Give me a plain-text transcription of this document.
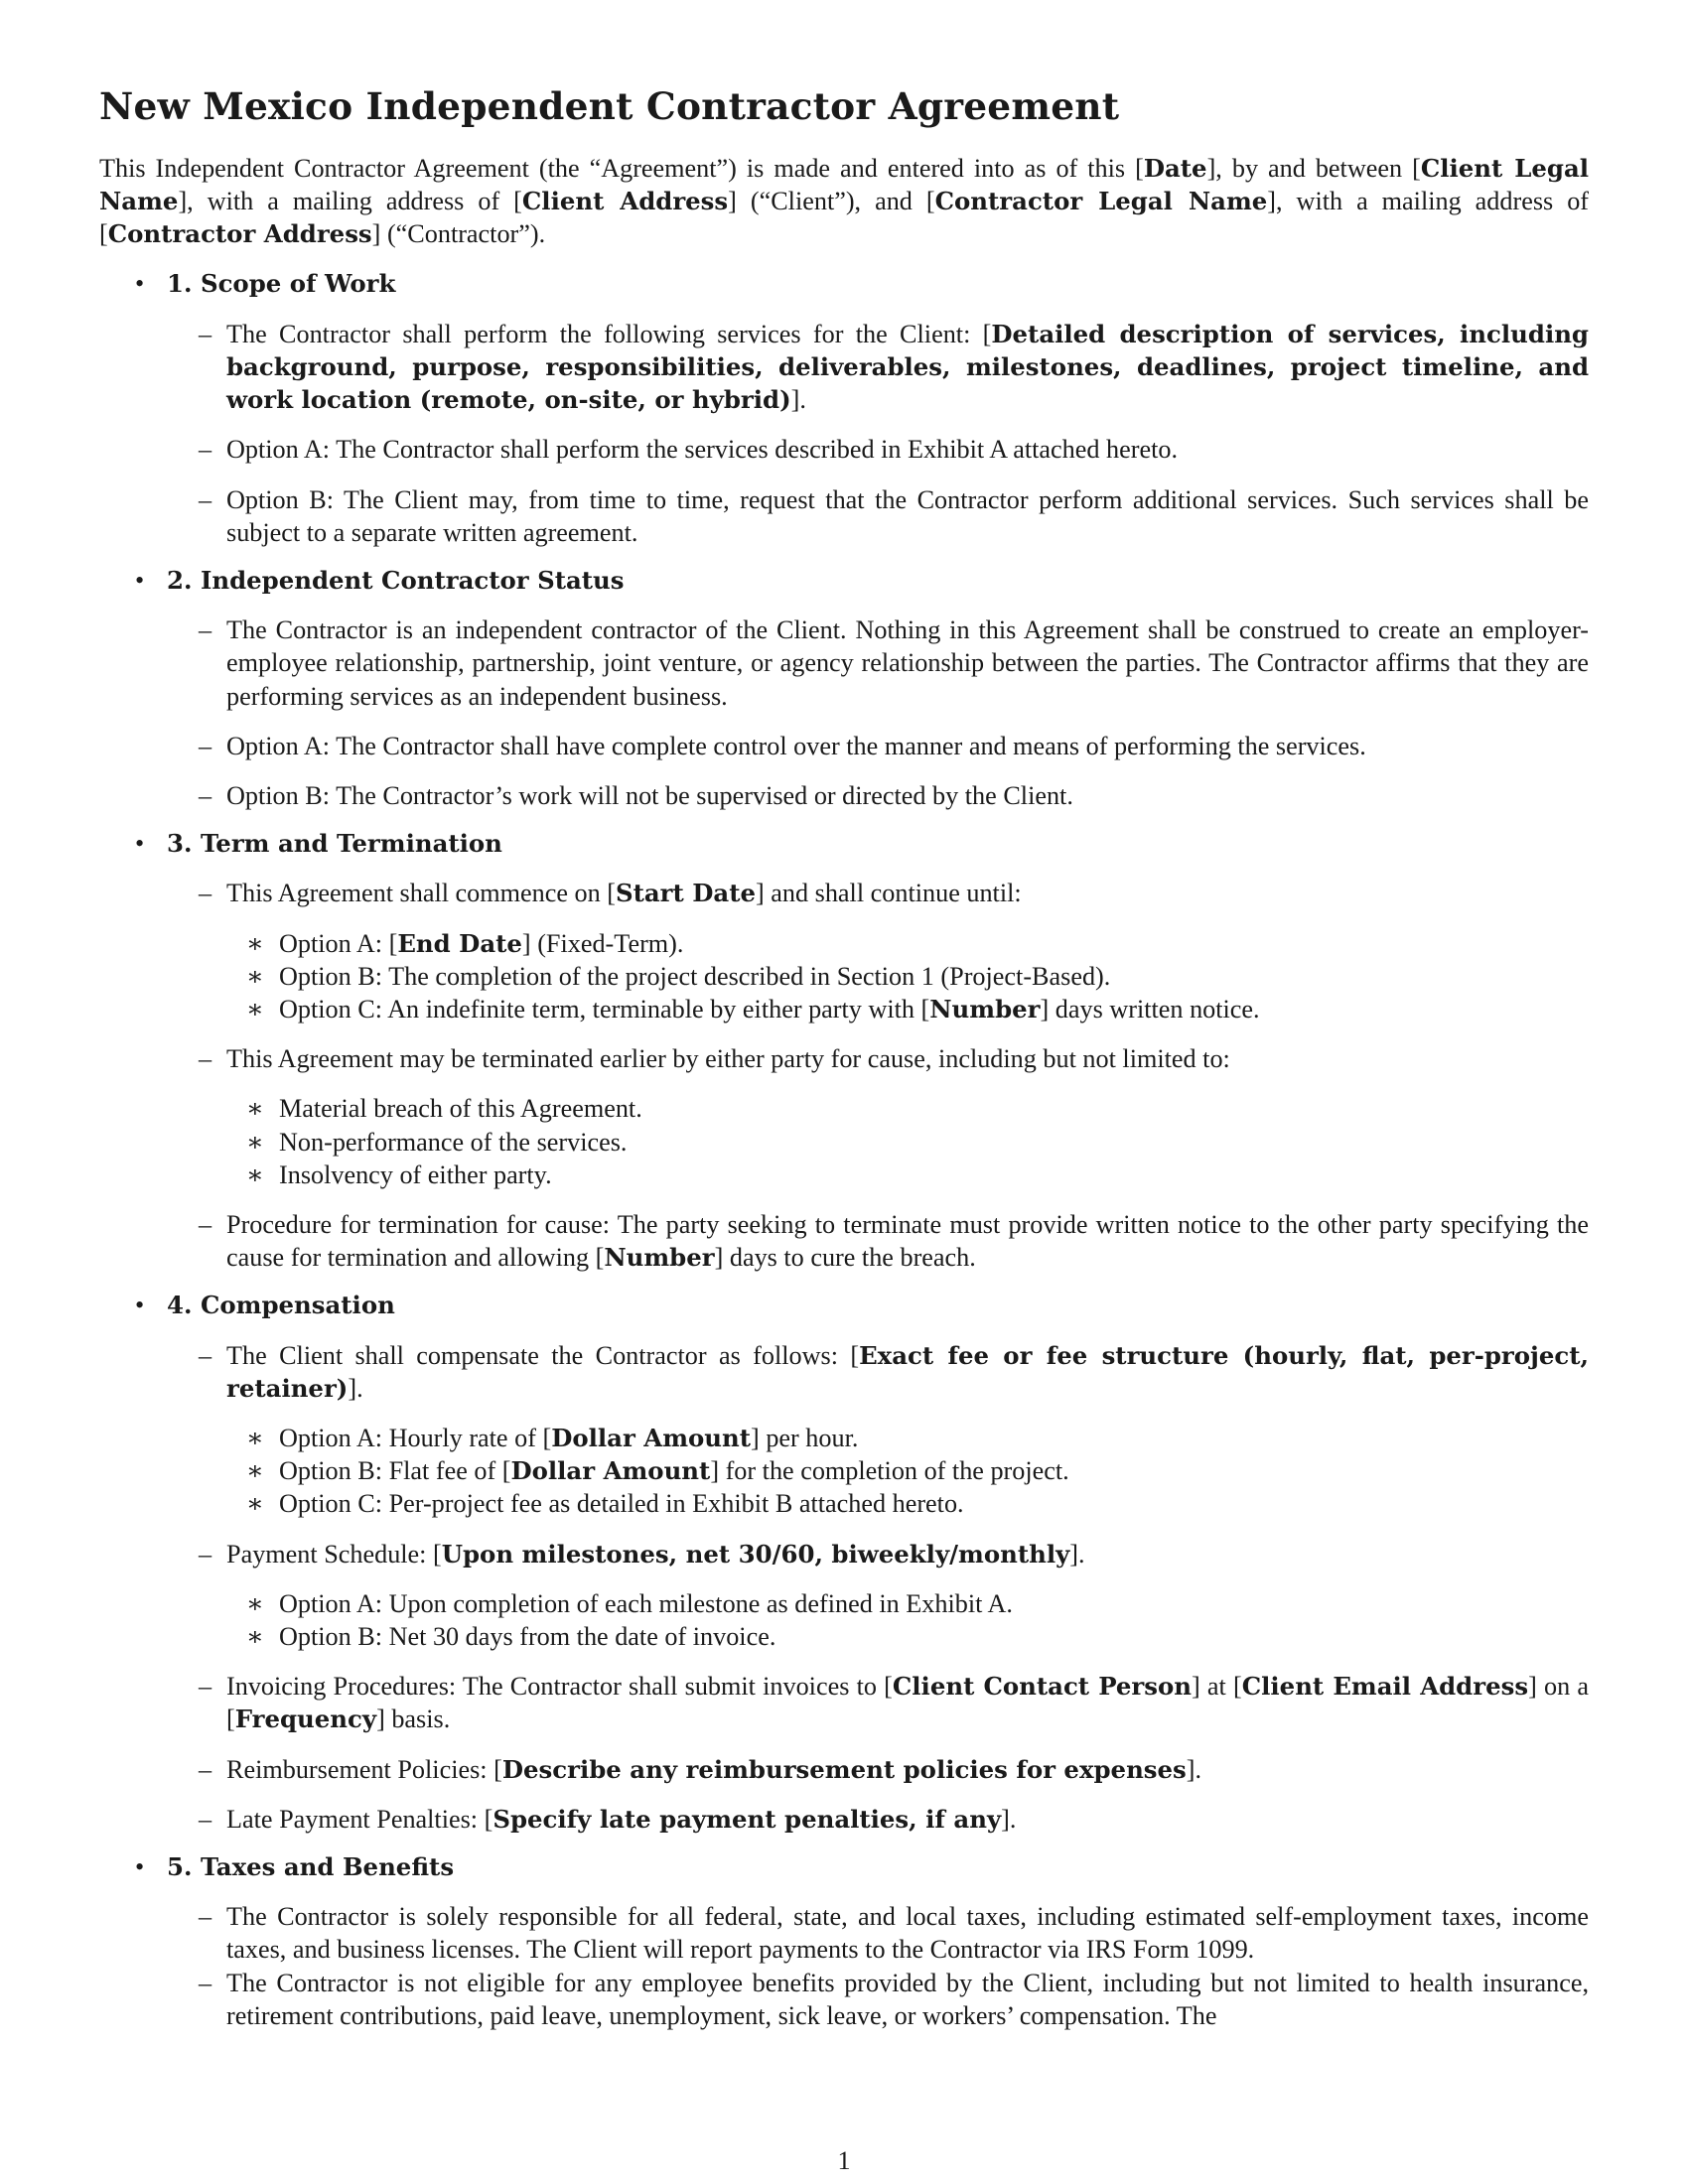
New Mexico Independent Contractor Agreement
This Independent Contractor Agreement (the “Agreement”) is made and entered into as of this [Date], by and between [Client Legal Name], with a mailing address of [Client Address] (“Client”), and [Contractor Legal Name], with a mailing address of [Contractor Address] (“Contractor”).
• 1. Scope of Work
– The Contractor shall perform the following services for the Client: [Detailed description of services, including background, purpose, responsibilities, deliverables, milestones, deadlines, project timeline, and work location (remote, on-site, or hybrid)].
– Option A: The Contractor shall perform the services described in Exhibit A attached hereto.
– Option B: The Client may, from time to time, request that the Contractor perform additional services. Such services shall be subject to a separate written agreement.
• 2. Independent Contractor Status
– The Contractor is an independent contractor of the Client. Nothing in this Agreement shall be construed to create an employer-employee relationship, partnership, joint venture, or agency relationship between the parties. The Contractor affirms that they are performing services as an independent business.
– Option A: The Contractor shall have complete control over the manner and means of performing the services.
– Option B: The Contractor’s work will not be supervised or directed by the Client.
• 3. Term and Termination
– This Agreement shall commence on [Start Date] and shall continue until:
∗ Option A: [End Date] (Fixed-Term).
∗ Option B: The completion of the project described in Section 1 (Project-Based).
∗ Option C: An indefinite term, terminable by either party with [Number] days written notice.
– This Agreement may be terminated earlier by either party for cause, including but not limited to:
∗ Material breach of this Agreement.
∗ Non-performance of the services.
∗ Insolvency of either party.
– Procedure for termination for cause: The party seeking to terminate must provide written notice to the other party specifying the cause for termination and allowing [Number] days to cure the breach.
• 4. Compensation
– The Client shall compensate the Contractor as follows: [Exact fee or fee structure (hourly, flat, per-project, retainer)].
∗ Option A: Hourly rate of [Dollar Amount] per hour.
∗ Option B: Flat fee of [Dollar Amount] for the completion of the project.
∗ Option C: Per-project fee as detailed in Exhibit B attached hereto.
– Payment Schedule: [Upon milestones, net 30/60, biweekly/monthly].
∗ Option A: Upon completion of each milestone as defined in Exhibit A.
∗ Option B: Net 30 days from the date of invoice.
– Invoicing Procedures: The Contractor shall submit invoices to [Client Contact Person] at [Client Email Address] on a [Frequency] basis.
– Reimbursement Policies: [Describe any reimbursement policies for expenses].
– Late Payment Penalties: [Specify late payment penalties, if any].
• 5. Taxes and Benefits
– The Contractor is solely responsible for all federal, state, and local taxes, including estimated self-employment taxes, income taxes, and business licenses. The Client will report payments to the Contractor via IRS Form 1099.
– The Contractor is not eligible for any employee benefits provided by the Client, including but not limited to health insurance, retirement contributions, paid leave, unemployment, sick leave, or workers’ compensation. The
1
